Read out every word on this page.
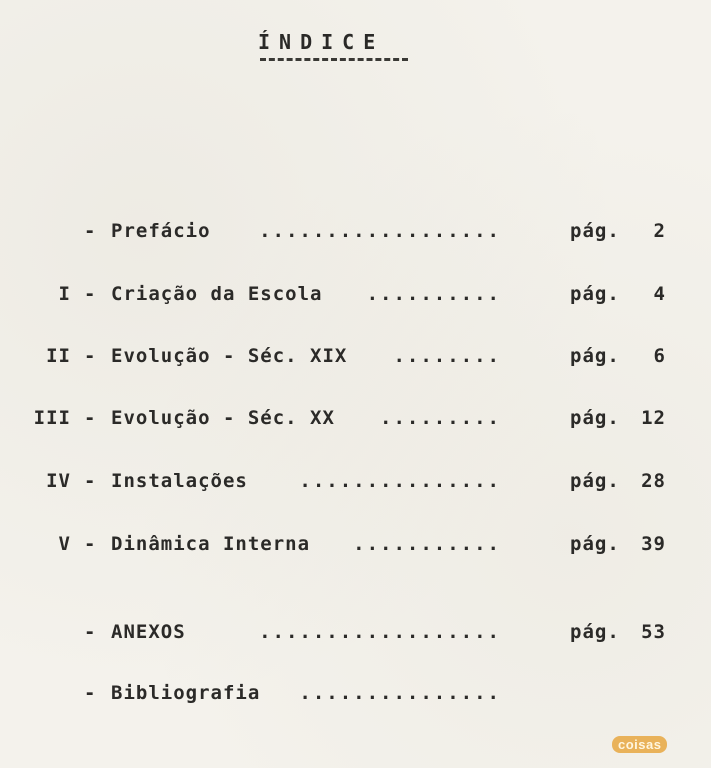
ÍNDICE
- Prefácio	..................	pág. 2
I - Criação da Escola ..........	pág. 4
II - Evolução - Séc. XIX ........	pág. 6
III - Evolução - Séc. XX .........	pág. 12
IV - Instalações	...............	pág. 28
V - Dinâmica Interna ...........	pág. 39
- ANEXOS	..................	pág. 53
- Bibliografia ...............
coisas
